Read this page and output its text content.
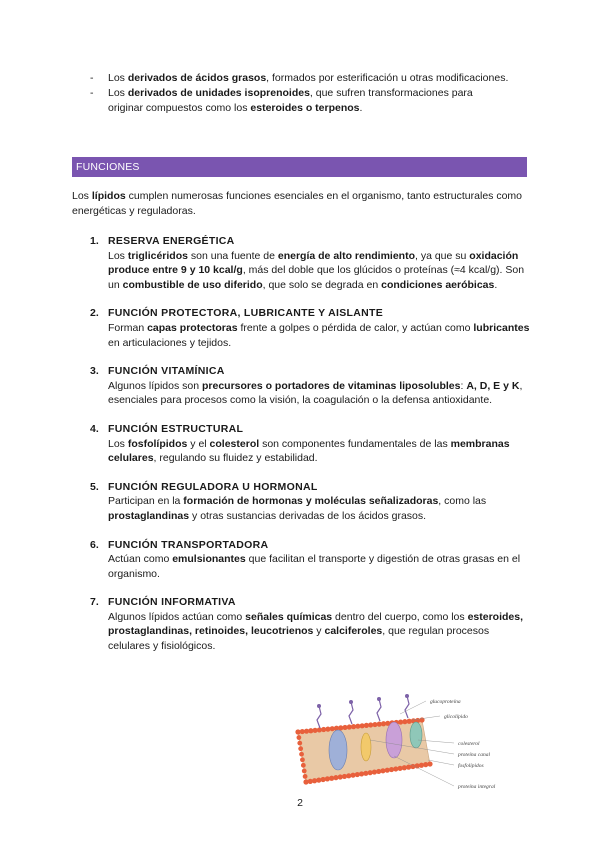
-	Los derivados de ácidos grasos, formados por esterificación u otras modificaciones.
-	Los derivados de unidades isoprenoides, que sufren transformaciones para originar compuestos como los esteroides o terpenos.
FUNCIONES
Los lípidos cumplen numerosas funciones esenciales en el organismo, tanto estructurales como energéticas y reguladoras.
1. RESERVA ENERGÉTICA
Los triglicéridos son una fuente de energía de alto rendimiento, ya que su oxidación produce entre 9 y 10 kcal/g, más del doble que los glúcidos o proteínas (≈4 kcal/g). Son un combustible de uso diferido, que solo se degrada en condiciones aeróbicas.
2. FUNCIÓN PROTECTORA, LUBRICANTE Y AISLANTE
Forman capas protectoras frente a golpes o pérdida de calor, y actúan como lubricantes en articulaciones y tejidos.
3. FUNCIÓN VITAMÍNICA
Algunos lípidos son precursores o portadores de vitaminas liposolubles: A, D, E y K, esenciales para procesos como la visión, la coagulación o la defensa antioxidante.
4. FUNCIÓN ESTRUCTURAL
Los fosfolípidos y el colesterol son componentes fundamentales de las membranas celulares, regulando su fluidez y estabilidad.
5. FUNCIÓN REGULADORA U HORMONAL
Participan en la formación de hormonas y moléculas señalizadoras, como las prostaglandinas y otras sustancias derivadas de los ácidos grasos.
6. FUNCIÓN TRANSPORTADORA
Actúan como emulsionantes que facilitan el transporte y digestión de otras grasas en el organismo.
7. FUNCIÓN INFORMATIVA
Algunos lípidos actúan como señales químicas dentro del cuerpo, como los esteroides, prostaglandinas, retinoides, leucotrienos y calciferoles, que regulan procesos celulares y fisiológicos.
glucoproteína
glicolípido
colesterol
proteína canal
fosfolípidos
proteína integral
2
